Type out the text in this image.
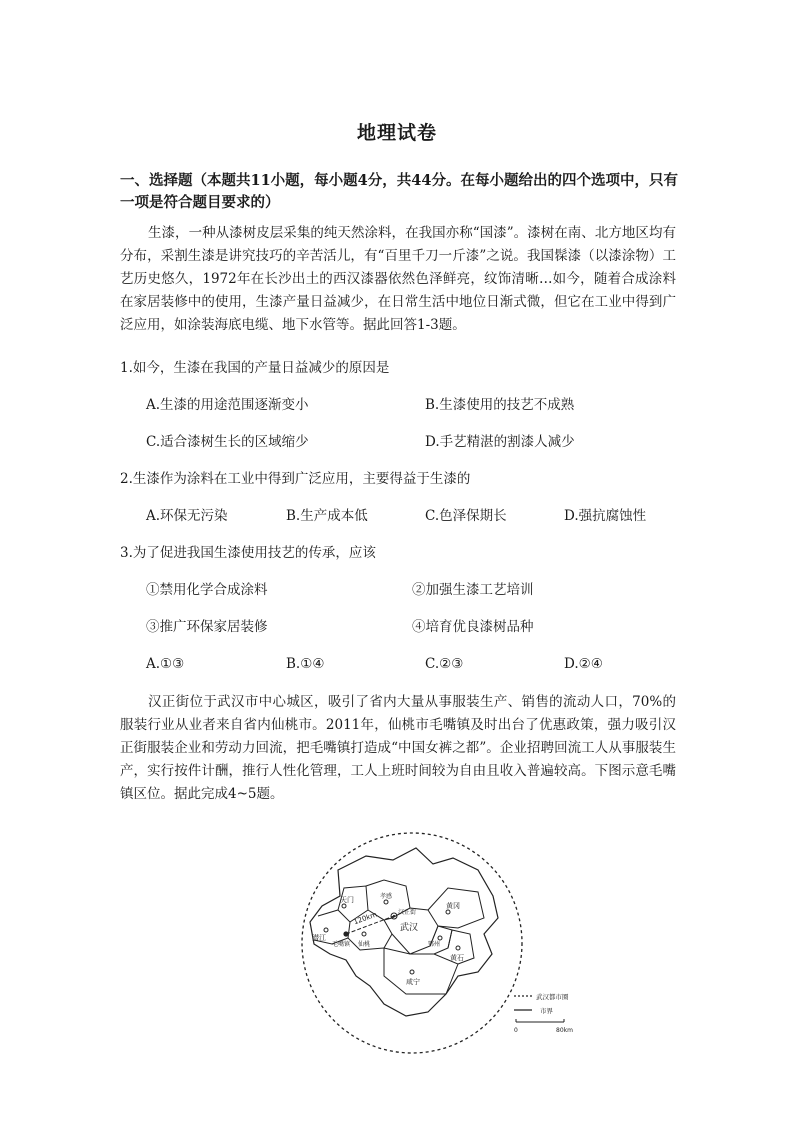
地理试卷
一、选择题（本题共11小题，每小题4分，共44分。在每小题给出的四个选项中，只有一项是符合题目要求的）
生漆，一种从漆树皮层采集的纯天然涂料，在我国亦称“国漆”。漆树在南、北方地区均有分布，采割生漆是讲究技巧的辛苦活儿，有“百里千刀一斤漆”之说。我国髹漆（以漆涂物）工艺历史悠久，1972年在长沙出土的西汉漆器依然色泽鲜亮，纹饰清晰…如今，随着合成涂料在家居装修中的使用，生漆产量日益减少，在日常生活中地位日渐式微，但它在工业中得到广泛应用，如涂装海底电缆、地下水管等。据此回答1-3题。
1.如今，生漆在我国的产量日益减少的原因是
A.生漆的用途范围逐渐变小	B.生漆使用的技艺不成熟
C.适合漆树生长的区域缩少	D.手艺精湛的割漆人减少
2.生漆作为涂料在工业中得到广泛应用，主要得益于生漆的
A.环保无污染	B.生产成本低	C.色泽保期长	D.强抗腐蚀性
3.为了促进我国生漆使用技艺的传承，应该
①禁用化学合成涂料	②加强生漆工艺培训
③推广环保家居装修	④培育优良漆树品种
A.①③	B.①④	C.②③	D.②④
汉正街位于武汉市中心城区，吸引了省内大量从事服装生产、销售的流动人口，70%的服装行业从业者来自省内仙桃市。2011年，仙桃市毛嘴镇及时出台了优惠政策，强力吸引汉正街服装企业和劳动力回流，把毛嘴镇打造成“中国女裤之都”。企业招聘回流工人从事服装生产，实行按件计酬，推行人性化管理，工人上班时间较为自由且收入普遍较高。下图示意毛嘴镇区位。据此完成4~5题。
天门
潜江
毛嘴镇 仙桃
孝感
汉正街
武汉
黄冈
鄂州
黄石
咸宁
120km
武汉都市圈
市界
0	80km
